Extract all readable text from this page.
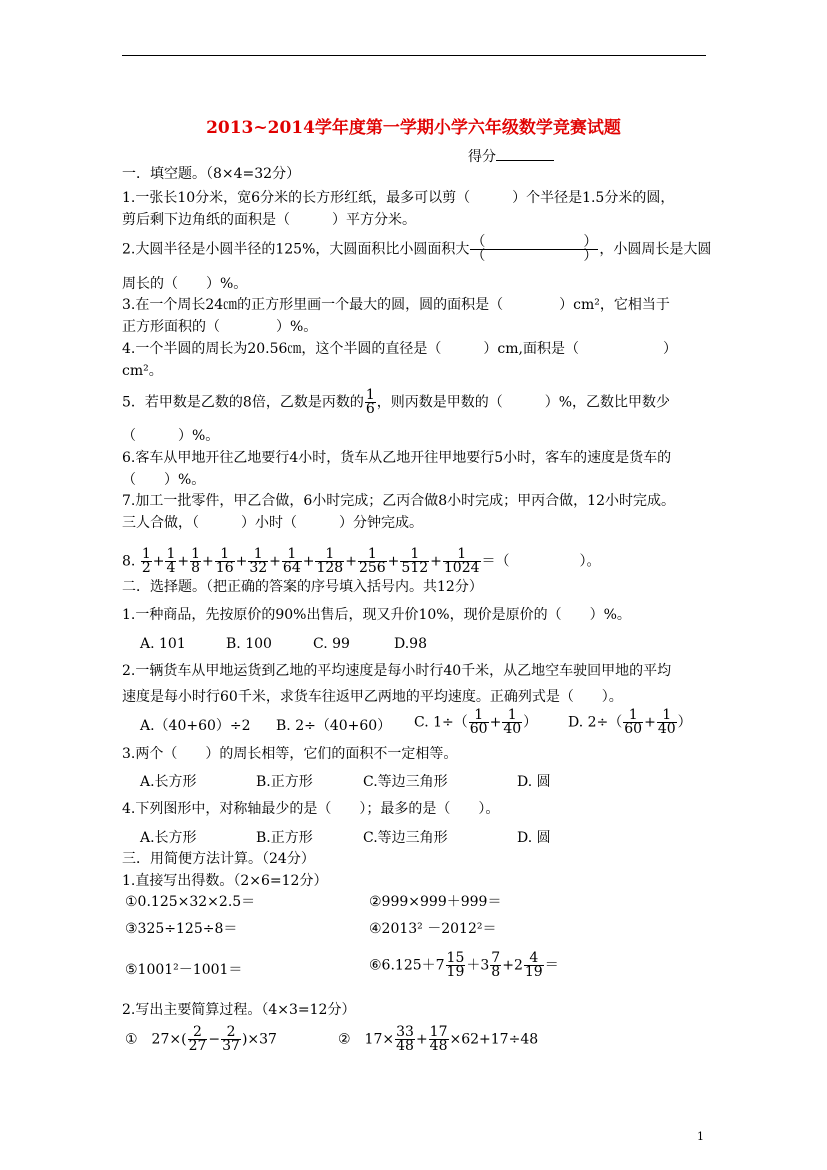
2013~2014学年度第一学期小学六年级数学竞赛试题
得分
一．填空题。（8×4=32分）
1.一张长10分米，宽6分米的长方形红纸，最多可以剪（　　　）个半径是1.5分米的圆，
剪后剩下边角纸的面积是（　　　）平方分米。
2.大圆半径是小圆半径的125%，大圆面积比小圆面积大 $\frac{( )}{( )}$ ，小圆周长是大圆
周长的（　　）%。
3.在一个周长24㎝的正方形里画一个最大的圆，圆的面积是（　　　　）cm²，它相当于
正方形面积的（　　　　）%。
4.一个半圆的周长为20.56㎝，这个半圆的直径是（　　　）cm,面积是（　　　　　　）
cm²。
5．若甲数是乙数的8倍，乙数是丙数的 $\frac{1}{6}$ ，则丙数是甲数的（　　　）%，乙数比甲数少
（　　　）%。
6.客车从甲地开往乙地要行4小时，货车从乙地开往甲地要行5小时，客车的速度是货车的
（　　）%。
7.加工一批零件，甲乙合做，6小时完成；乙丙合做8小时完成；甲丙合做，12小时完成。
三人合做，（　　　）小时（　　　）分钟完成。
8. $\frac{1}{2} + \frac{1}{4} + \frac{1}{8} + \frac{1}{16} + \frac{1}{32} + \frac{1}{64} + \frac{1}{128} + \frac{1}{256} + \frac{1}{512} + \frac{1}{1024}$ ＝（　　　　　）。
二．选择题。（把正确的答案的序号填入括号内。共12分）
1.一种商品，先按原价的90%出售后，现又升价10%，现价是原价的（　　）%。
A. 101	B. 100	C. 99	D.98
2.一辆货车从甲地运货到乙地的平均速度是每小时行40千米，从乙地空车驶回甲地的平均
速度是每小时行60千米，求货车往返甲乙两地的平均速度。正确列式是（　　）。
A.（40+60）÷2 B. 2÷（40+60） C. $1\div( \frac{1}{60} + \frac{1}{40}$ ） D. $2\div( \frac{1}{60} + \frac{1}{40}$ ）
3.两个（　　）的周长相等，它们的面积不一定相等。
A.长方形	B.正方形	C.等边三角形	D. 圆
4.下列图形中，对称轴最少的是（　　）；最多的是（　　）。
A.长方形	B.正方形	C.等边三角形	D. 圆
三．用简便方法计算。（24分）
1.直接写出得数。（2×6=12分）
①0.125×32×2.5＝	②999×999＋999＝
③325÷125÷8＝	④2013² －2012²＝
⑤1001²－1001＝	⑥6.125＋7 $\frac{15}{19} +3 \frac{7}{8} +2 \frac{4}{19}$ ＝
2.写出主要简算过程。（4×3=12分）
①　$27\times( \frac{2}{27} - \frac{2}{37} )\times 37$	②　$17\times \frac{33}{48} + \frac{17}{48} \times 62+17\div 48$
1
